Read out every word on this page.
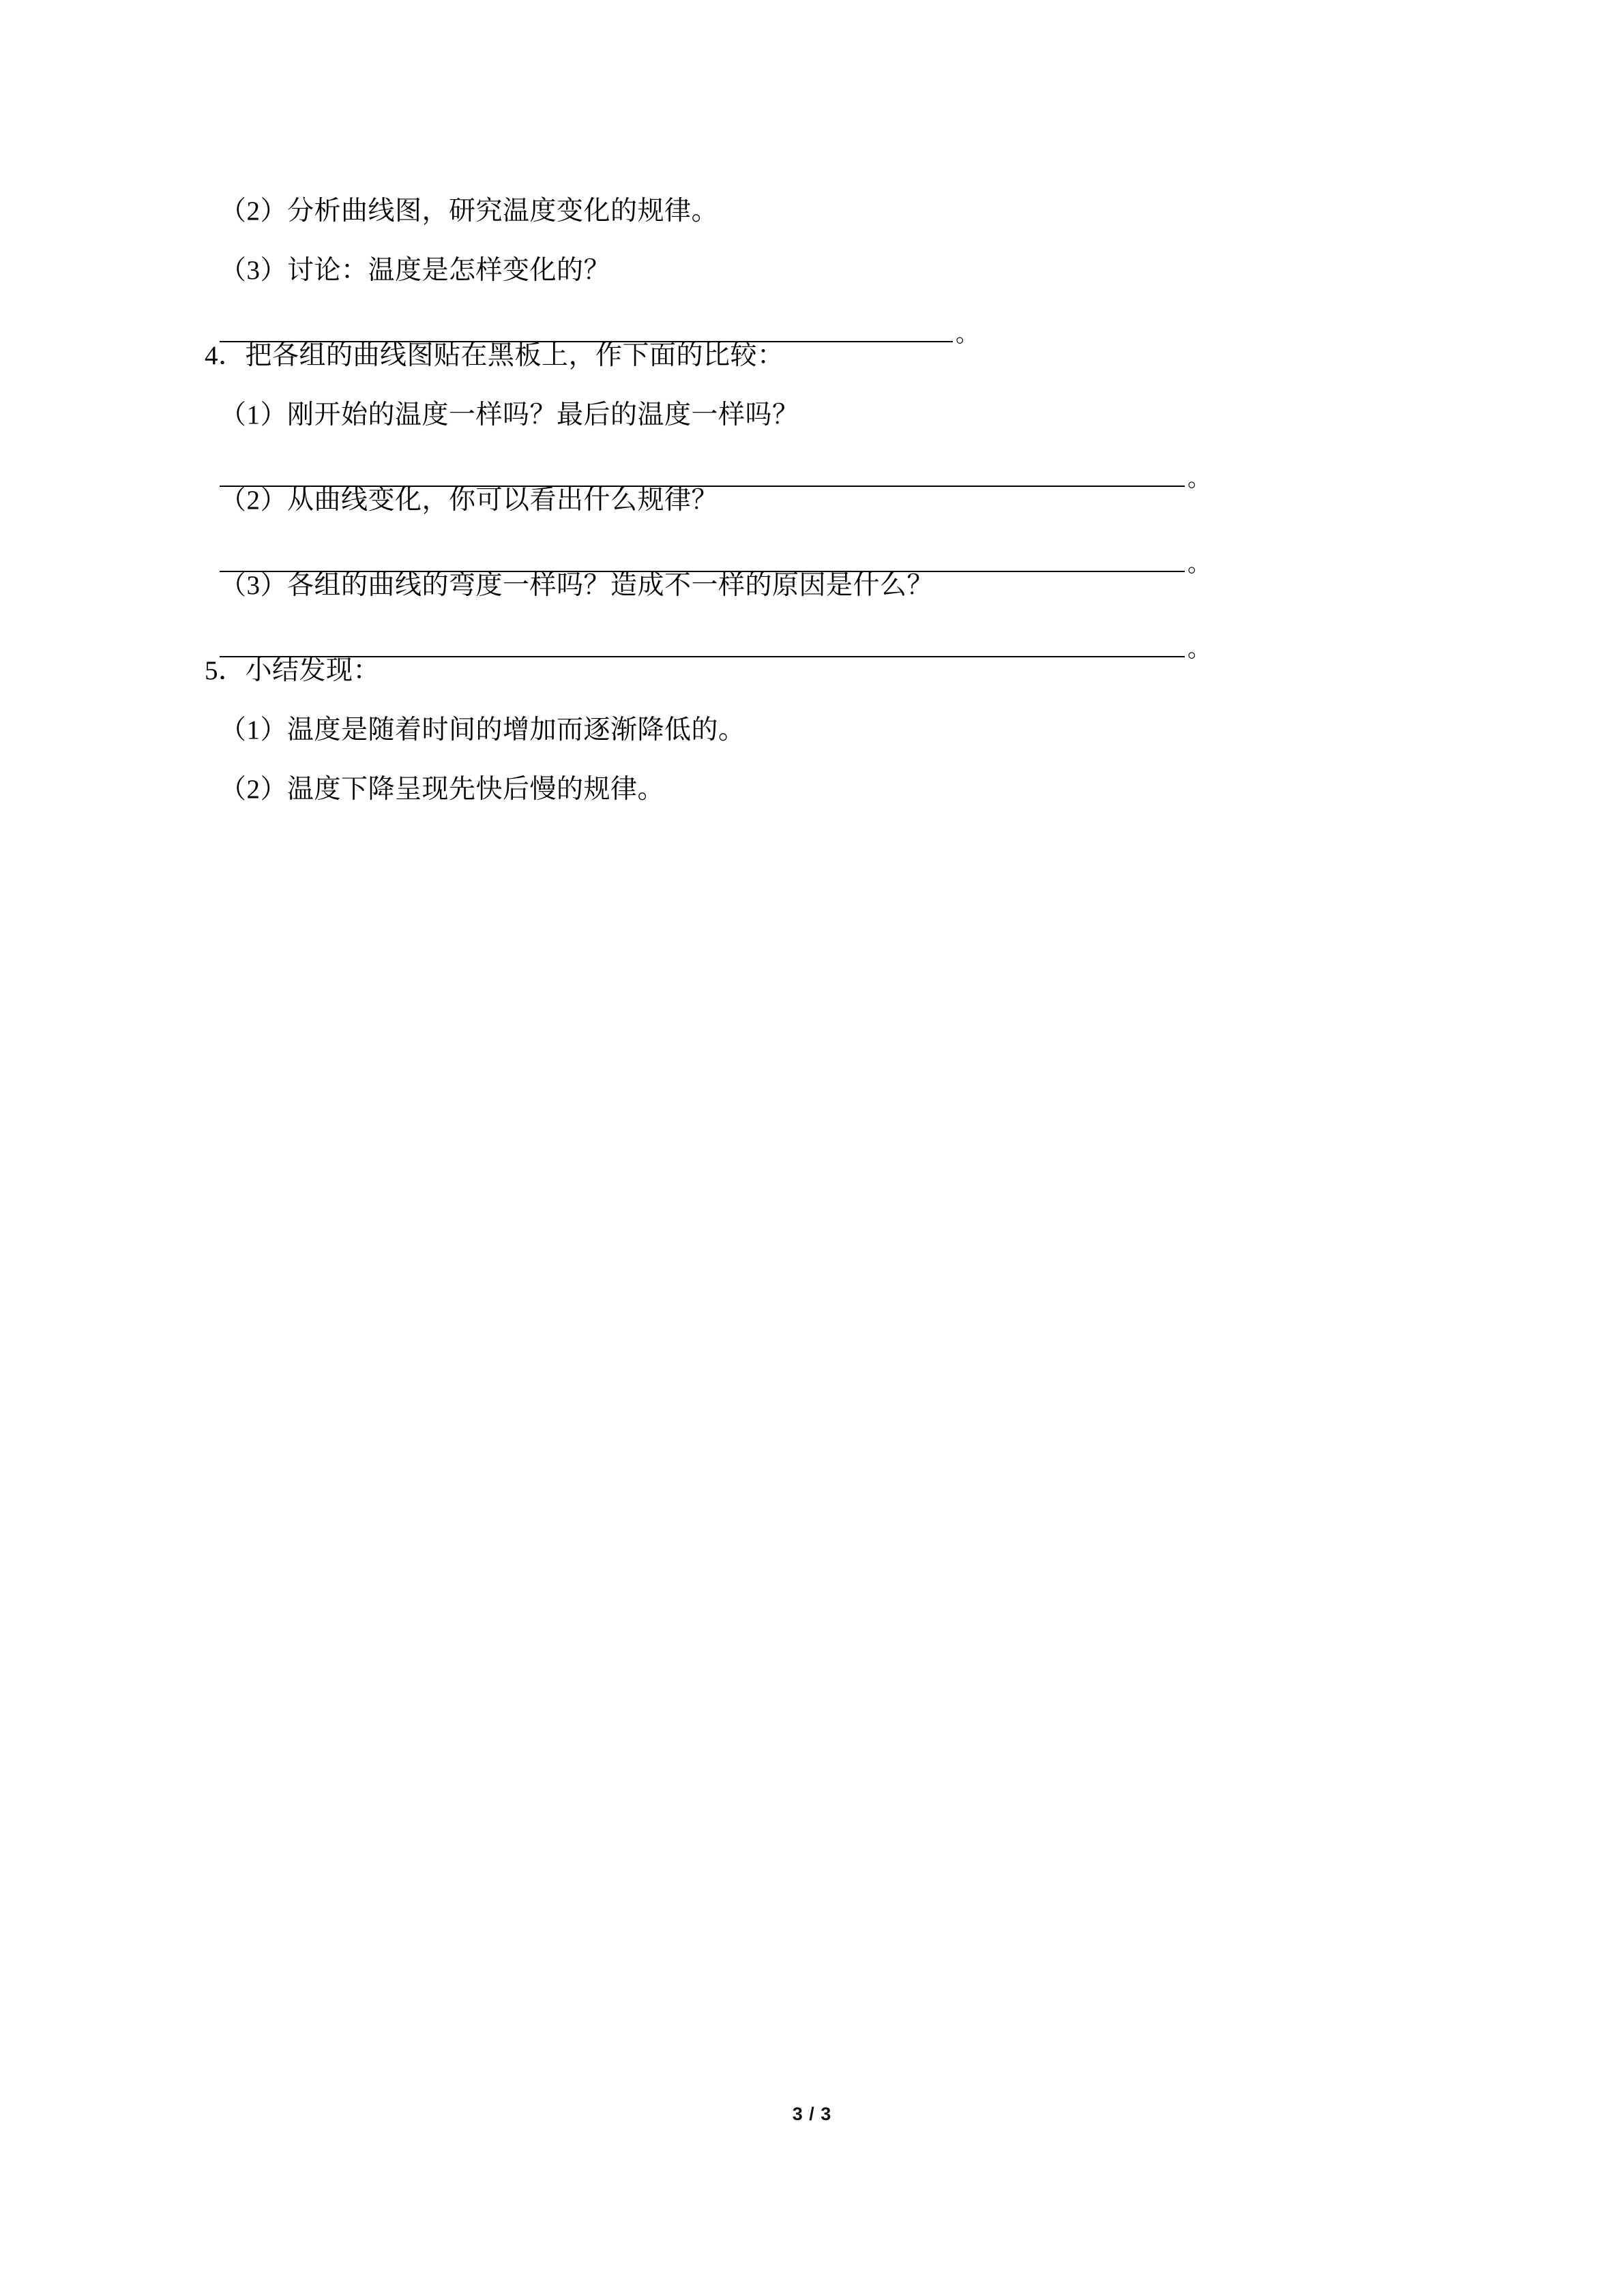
（2）分析曲线图，研究温度变化的规律。
（3）讨论：温度是怎样变化的？
。
4．把各组的曲线图贴在黑板上，作下面的比较：
（1）刚开始的温度一样吗？最后的温度一样吗？
。
（2）从曲线变化，你可以看出什么规律？
。
（3）各组的曲线的弯度一样吗？造成不一样的原因是什么？
。
5．小结发现：
（1）温度是随着时间的增加而逐渐降低的。
（2）温度下降呈现先快后慢的规律。
3 / 3
